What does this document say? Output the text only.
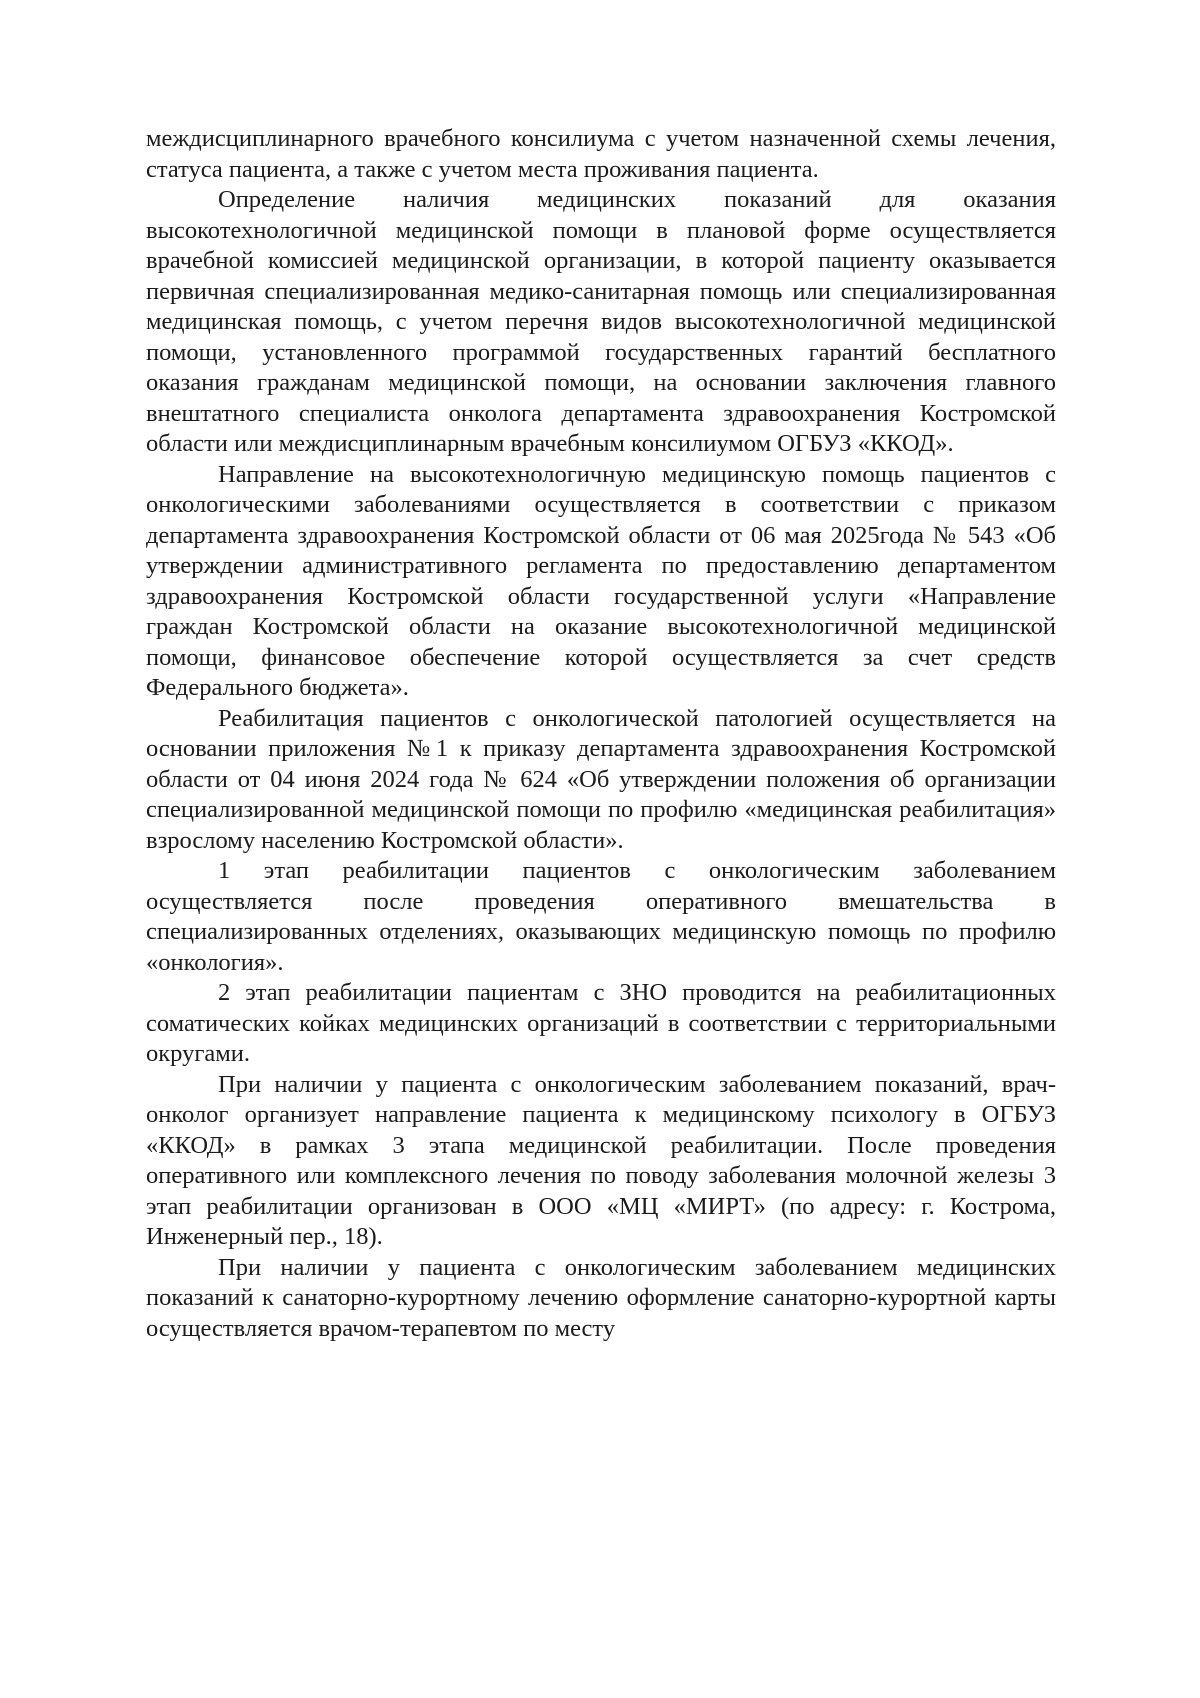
междисциплинарного врачебного консилиума с учетом назначенной схемы лечения, статуса пациента, а также с учетом места проживания пациента.

Определение наличия медицинских показаний для оказания высокотехнологичной медицинской помощи в плановой форме осуществляется врачебной комиссией медицинской организации, в которой пациенту оказывается первичная специализированная медико-санитарная помощь или специализированная медицинская помощь, с учетом перечня видов высокотехнологичной медицинской помощи, установленного программой государственных гарантий бесплатного оказания гражданам медицинской помощи, на основании заключения главного внештатного специалиста онколога департамента здравоохранения Костромской области или междисциплинарным врачебным консилиумом ОГБУЗ «ККОД».

Направление на высокотехнологичную медицинскую помощь пациентов с онкологическими заболеваниями осуществляется в соответствии с приказом департамента здравоохранения Костромской области от 06 мая 2025года № 543 «Об утверждении административного регламента по предоставлению департаментом здравоохранения Костромской области государственной услуги «Направление граждан Костромской области на оказание высокотехнологичной медицинской помощи, финансовое обеспечение которой осуществляется за счет средств Федерального бюджета».

Реабилитация пациентов с онкологической патологией осуществляется на основании приложения №1 к приказу департамента здравоохранения Костромской области от 04 июня 2024 года № 624 «Об утверждении положения об организации специализированной медицинской помощи по профилю «медицинская реабилитация» взрослому населению Костромской области».

1 этап реабилитации пациентов с онкологическим заболеванием осуществляется после проведения оперативного вмешательства в специализированных отделениях, оказывающих медицинскую помощь по профилю «онкология».

2 этап реабилитации пациентам с ЗНО проводится на реабилитационных соматических койках медицинских организаций в соответствии с территориальными округами.

При наличии у пациента с онкологическим заболеванием показаний, врач-онколог организует направление пациента к медицинскому психологу в ОГБУЗ «ККОД» в рамках 3 этапа медицинской реабилитации. После проведения оперативного или комплексного лечения по поводу заболевания молочной железы 3 этап реабилитации организован в ООО «МЦ «МИРТ» (по адресу: г. Кострома, Инженерный пер., 18).

При наличии у пациента с онкологическим заболеванием медицинских показаний к санаторно-курортному лечению оформление санаторно-курортной карты осуществляется врачом-терапевтом по месту
